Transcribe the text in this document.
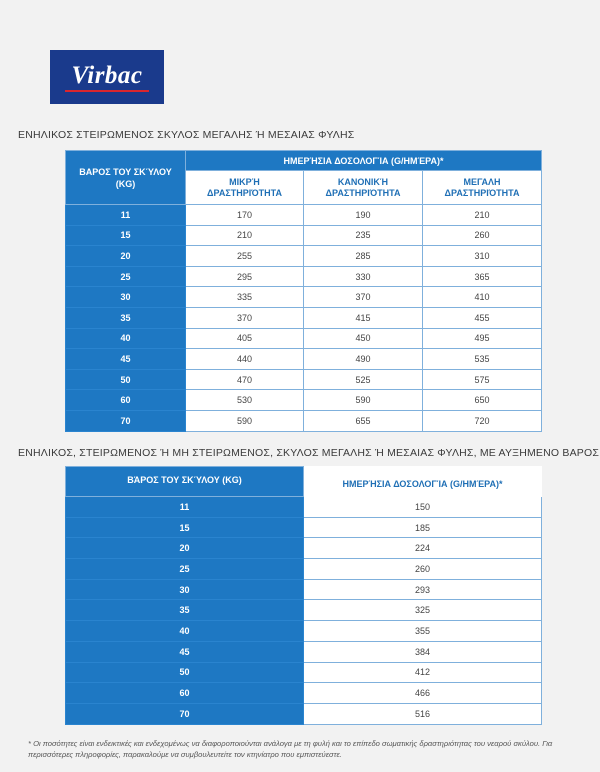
Virbac
ΕΝΗΛΙΚΟΣ ΣΤΕΙΡΩΜΕΝΟΣ ΣΚΥΛΟΣ ΜΕΓΑΛΗΣ Ή ΜΕΣΑΙΑΣ ΦΥΛΗΣ
ΒΑΡΟΣ ΤΟΥ ΣΚΎΛΟΥ (KG)	ΗΜΕΡΉΣΙΑ ΔΟΣΟΛΟΓΊΑ (G/ΗΜΈΡΑ)*		
	ΜΙΚΡΉ ΔΡΑΣΤΗΡΙΌΤΗΤΑ	ΚΑΝΟΝΙΚΉ ΔΡΑΣΤΗΡΙΌΤΗΤΑ	ΜΕΓΑΛΗ ΔΡΑΣΤΗΡΙΌΤΗΤΑ
11	170	190	210
15	210	235	260
20	255	285	310
25	295	330	365
30	335	370	410
35	370	415	455
40	405	450	495
45	440	490	535
50	470	525	575
60	530	590	650
70	590	655	720
ΕΝΗΛΙΚΟΣ, ΣΤΕΙΡΩΜΕΝΟΣ Ή ΜΗ ΣΤΕΙΡΩΜΕΝΟΣ, ΣΚΥΛΟΣ ΜΕΓΑΛΗΣ Ή ΜΕΣΑΙΑΣ ΦΥΛΗΣ, ΜΕ ΑΥΞΗΜΕΝΟ ΒΑΡΟΣ
ΒΆΡΟΣ ΤΟΥ ΣΚΎΛΟΥ (KG)	ΗΜΕΡΉΣΙΑ ΔΟΣΟΛΟΓΊΑ (G/ΗΜΈΡΑ)*
11	150
15	185
20	224
25	260
30	293
35	325
40	355
45	384
50	412
60	466
70	516
* Οι ποσότητες είναι ενδεικτικές και ενδεχομένως να διαφοροποιούνται ανάλογα με τη φυλή και το επίπεδο σωματικής δραστηριότητας του νεαρού σκύλου. Για περισσότερες πληροφορίες, παρακαλούμε να συμβουλευτείτε τον κτηνίατρο που εμπιστεύεστε.
